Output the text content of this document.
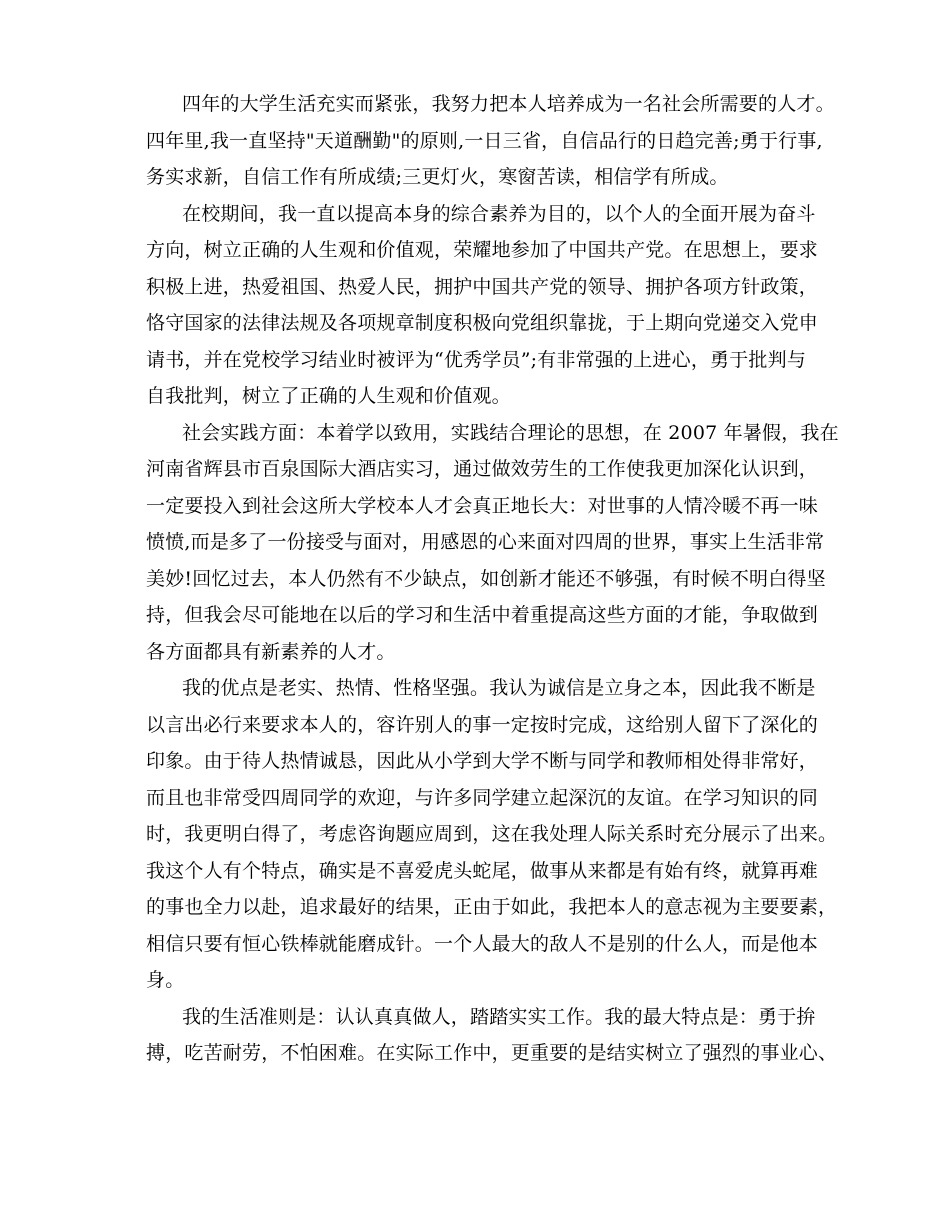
四年的大学生活充实而紧张，我努力把本人培养成为一名社会所需要的人才。
四年里,我一直坚持"天道酬勤"的原则,一日三省，自信品行的日趋完善;勇于行事,
务实求新，自信工作有所成绩;三更灯火，寒窗苦读，相信学有所成。
在校期间，我一直以提高本身的综合素养为目的，以个人的全面开展为奋斗
方向，树立正确的人生观和价值观，荣耀地参加了中国共产党。在思想上，要求
积极上进，热爱祖国、热爱人民，拥护中国共产党的领导、拥护各项方针政策，
恪守国家的法律法规及各项规章制度积极向党组织靠拢，于上期向党递交入党申
请书，并在党校学习结业时被评为“优秀学员”;有非常强的上进心，勇于批判与
自我批判，树立了正确的人生观和价值观。
社会实践方面：本着学以致用，实践结合理论的思想，在 2007 年暑假，我在
河南省辉县市百泉国际大酒店实习，通过做效劳生的工作使我更加深化认识到，
一定要投入到社会这所大学校本人才会真正地长大：对世事的人情冷暖不再一味
愤愤,而是多了一份接受与面对，用感恩的心来面对四周的世界，事实上生活非常
美妙!回忆过去，本人仍然有不少缺点，如创新才能还不够强，有时候不明白得坚
持，但我会尽可能地在以后的学习和生活中着重提高这些方面的才能，争取做到
各方面都具有新素养的人才。
我的优点是老实、热情、性格坚强。我认为诚信是立身之本，因此我不断是
以言出必行来要求本人的，容许别人的事一定按时完成，这给别人留下了深化的
印象。由于待人热情诚恳，因此从小学到大学不断与同学和教师相处得非常好，
而且也非常受四周同学的欢迎，与许多同学建立起深沉的友谊。在学习知识的同
时，我更明白得了，考虑咨询题应周到，这在我处理人际关系时充分展示了出来。
我这个人有个特点，确实是不喜爱虎头蛇尾，做事从来都是有始有终，就算再难
的事也全力以赴，追求最好的结果，正由于如此，我把本人的意志视为主要要素，
相信只要有恒心铁棒就能磨成针。一个人最大的敌人不是别的什么人，而是他本
身。
我的生活准则是：认认真真做人，踏踏实实工作。我的最大特点是：勇于拚
搏，吃苦耐劳，不怕困难。在实际工作中，更重要的是结实树立了强烈的事业心、
